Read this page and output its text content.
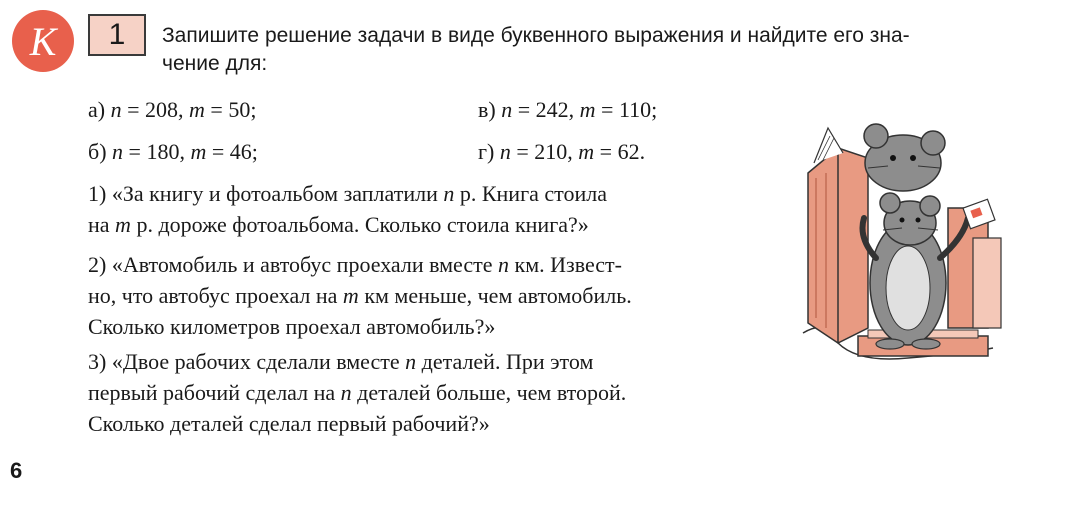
К 1 Запишите решение задачи в виде буквенного выражения и найдите его зна-
чение для:
а) n = 208, m = 50;	в) n = 242, m = 110;
б) n = 180, m = 46;	г) n = 210, m = 62.
1) «За книгу и фотоальбом заплатили n р. Книга стоила
на m р. дороже фотоальбома. Сколько стоила книга?»
2) «Автомобиль и автобус проехали вместе n км. Извест-
но, что автобус проехал на m км меньше, чем автомобиль.
Сколько километров проехал автомобиль?»
3) «Двое рабочих сделали вместе n деталей. При этом
первый рабочий сделал на n деталей больше, чем второй.
Сколько деталей сделал первый рабочий?»
6
